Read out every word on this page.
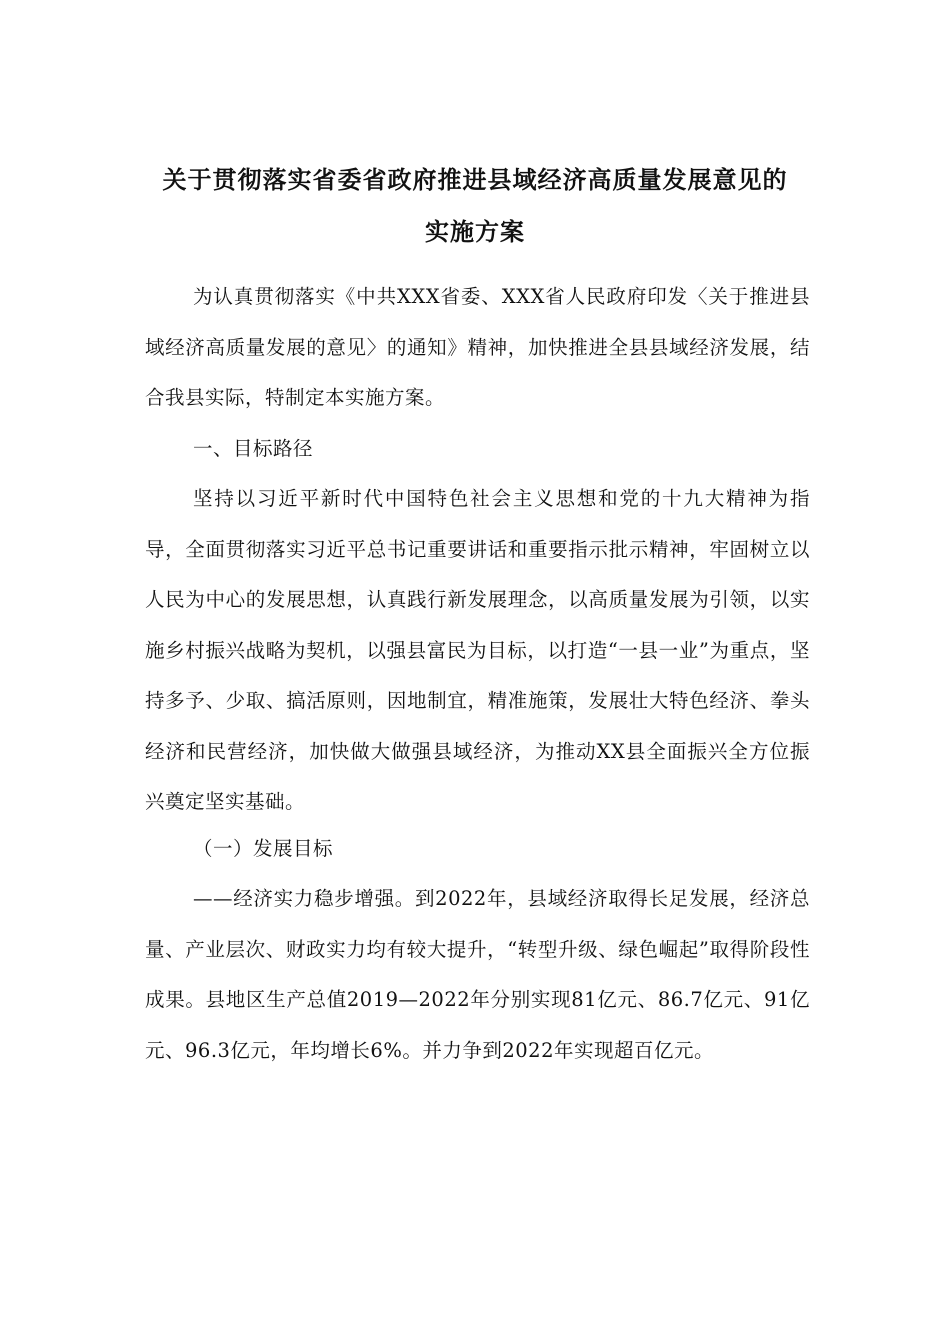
关于贯彻落实省委省政府推进县域经济高质量发展意见的
实施方案
为认真贯彻落实《中共XXX省委、XXX省人民政府印发〈关于推进县域经济高质量发展的意见〉的通知》精神，加快推进全县县域经济发展，结合我县实际，特制定本实施方案。
一、目标路径
坚持以习近平新时代中国特色社会主义思想和党的十九大精神为指导，全面贯彻落实习近平总书记重要讲话和重要指示批示精神，牢固树立以人民为中心的发展思想，认真践行新发展理念，以高质量发展为引领，以实施乡村振兴战略为契机，以强县富民为目标，以打造“一县一业”为重点，坚持多予、少取、搞活原则，因地制宜，精准施策，发展壮大特色经济、拳头经济和民营经济，加快做大做强县域经济，为推动XX县全面振兴全方位振兴奠定坚实基础。
（一）发展目标
——经济实力稳步增强。到2022年，县域经济取得长足发展，经济总量、产业层次、财政实力均有较大提升，“转型升级、绿色崛起”取得阶段性成果。县地区生产总值2019—2022年分别实现81亿元、86.7亿元、91亿元、96.3亿元，年均增长6%。并力争到2022年实现超百亿元。
